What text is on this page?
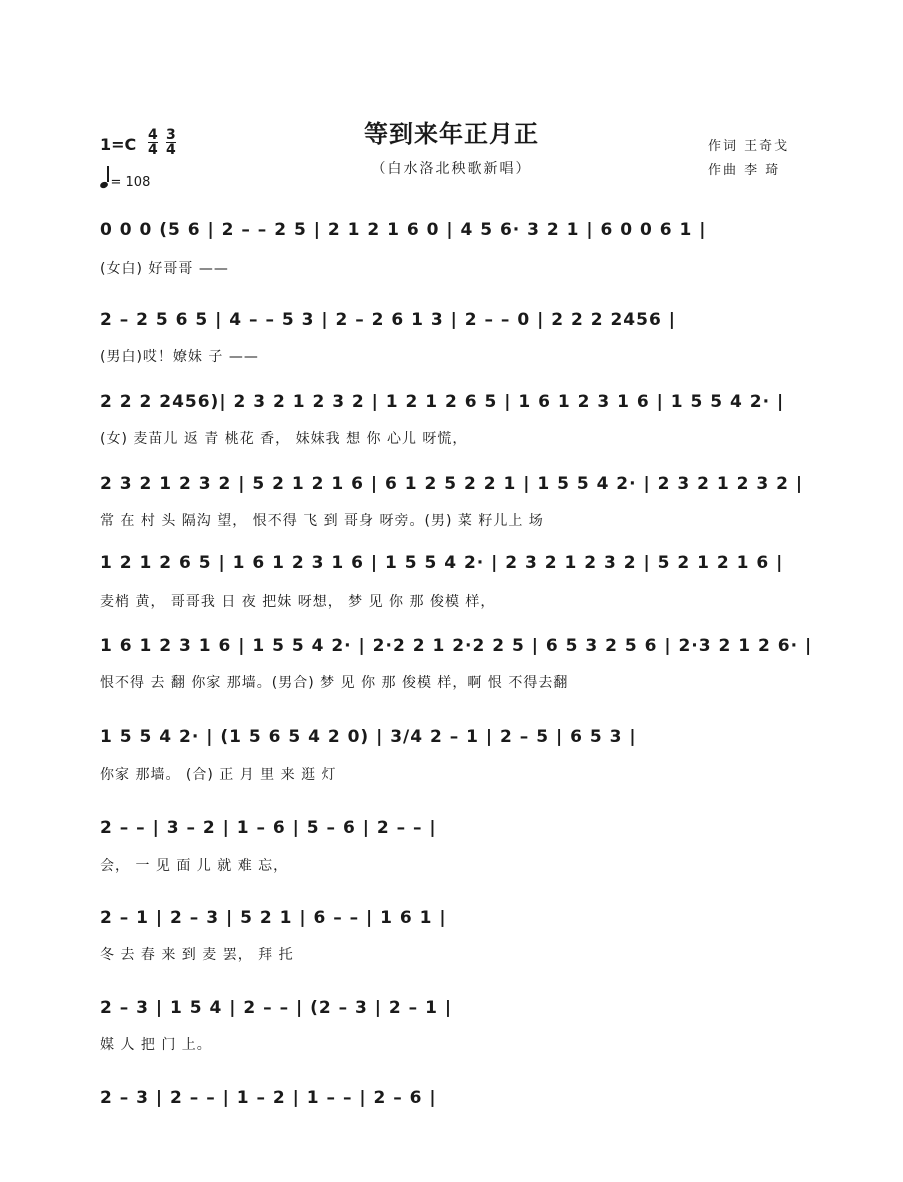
等到来年正月正
（白水洛北秧歌新唱）
$1=C \frac{4}{4} \frac{3}{4}$
= 108
作词 王奇戈
作曲 李 琦
0 0 0 (5 6 | 2 – – 2 5 | 2 1 2 1 6 0 | 4 5 6· 3 2 1 | 6 0 0 6 1 |
(女白) 好哥哥 ——
2 – 2 5 6 5 | 4 – – 5 3 | 2 – 2 6 1 3 | 2 – – 0 | 2 2 2 2456 |
(男白)哎！嫽妹 子 ——
2 2 2 2456)| 2 3 2 1 2 3 2 | 1 2 1 2 6 5 | 1 6 1 2 3 1 6 | 1 5 5 4 2· |
(女) 麦苗儿 返 青 桃花 香， 妹妹我 想 你 心儿 呀慌，
2 3 2 1 2 3 2 | 5 2 1 2 1 6 | 6 1 2 5 2 2 1 | 1 5 5 4 2· | 2 3 2 1 2 3 2 |
常 在 村 头 隔沟 望， 恨不得 飞 到 哥身 呀旁。(男) 菜 籽儿上 场
1 2 1 2 6 5 | 1 6 1 2 3 1 6 | 1 5 5 4 2· | 2 3 2 1 2 3 2 | 5 2 1 2 1 6 |
麦梢 黄， 哥哥我 日 夜 把妹 呀想， 梦 见 你 那 俊模 样，
1 6 1 2 3 1 6 | 1 5 5 4 2· | 2·2 2 1 2·2 2 5 | 6 5 3 2 5 6 | 2·3 2 1 2 6· |
恨不得 去 翻 你家 那墙。(男合) 梦 见 你 那 俊模 样，啊 恨 不得去翻
1 5 5 4 2· | (1 5 6 5 4 2 0) | 3/4 2 – 1 | 2 – 5 | 6 5 3 |
你家 那墙。 (合) 正 月 里 来 逛 灯
2 – – | 3 – 2 | 1 – 6 | 5 – 6 | 2 – – |
会， 一 见 面 儿 就 难 忘，
2 – 1 | 2 – 3 | 5 2 1 | 6 – – | 1 6 1 |
冬 去 春 来 到 麦 罢， 拜 托
2 – 3 | 1 5 4 | 2 – – | (2 – 3 | 2 – 1 |
媒 人 把 门 上。
2 – 3 | 2 – – | 1 – 2 | 1 – – | 2 – 6 |
